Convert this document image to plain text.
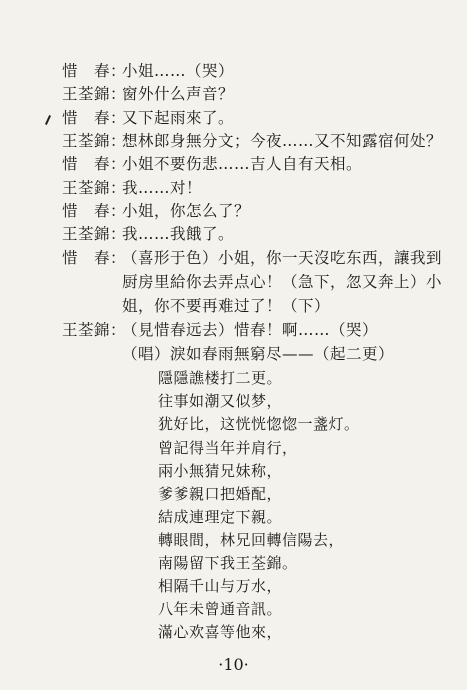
惜　春：小姐……（哭）
王荃錦：窗外什么声音？
惜　春：又下起雨來了。
王荃錦：想林郎身無分文；今夜……又不知露宿何处？
惜　春：小姐不要伤悲……吉人自有天相。
王荃錦：我……对！
惜　春：小姐，你怎么了？
王荃錦：我……我餓了。
惜　春：（喜形于色）小姐，你一天沒吃东西，讓我到
厨房里給你去弄点心！（急下，忽又奔上）小
姐，你不要再难过了！（下）
王荃錦：（見惜春远去）惜春！啊……（哭）
（唱）淚如春雨無窮尽——（起二更）
隱隱譙楼打二更。
往事如潮又似梦，
犹好比，这恍恍惚惚一盞灯。
曾記得当年并肩行，
兩小無猜兄妹称，
爹爹親口把婚配，
結成連理定下親。
轉眼間，林兄回轉信陽去，
南陽留下我王荃錦。
相隔千山与万水，
八年未曾通音訊。
滿心欢喜等他來，
·10·
